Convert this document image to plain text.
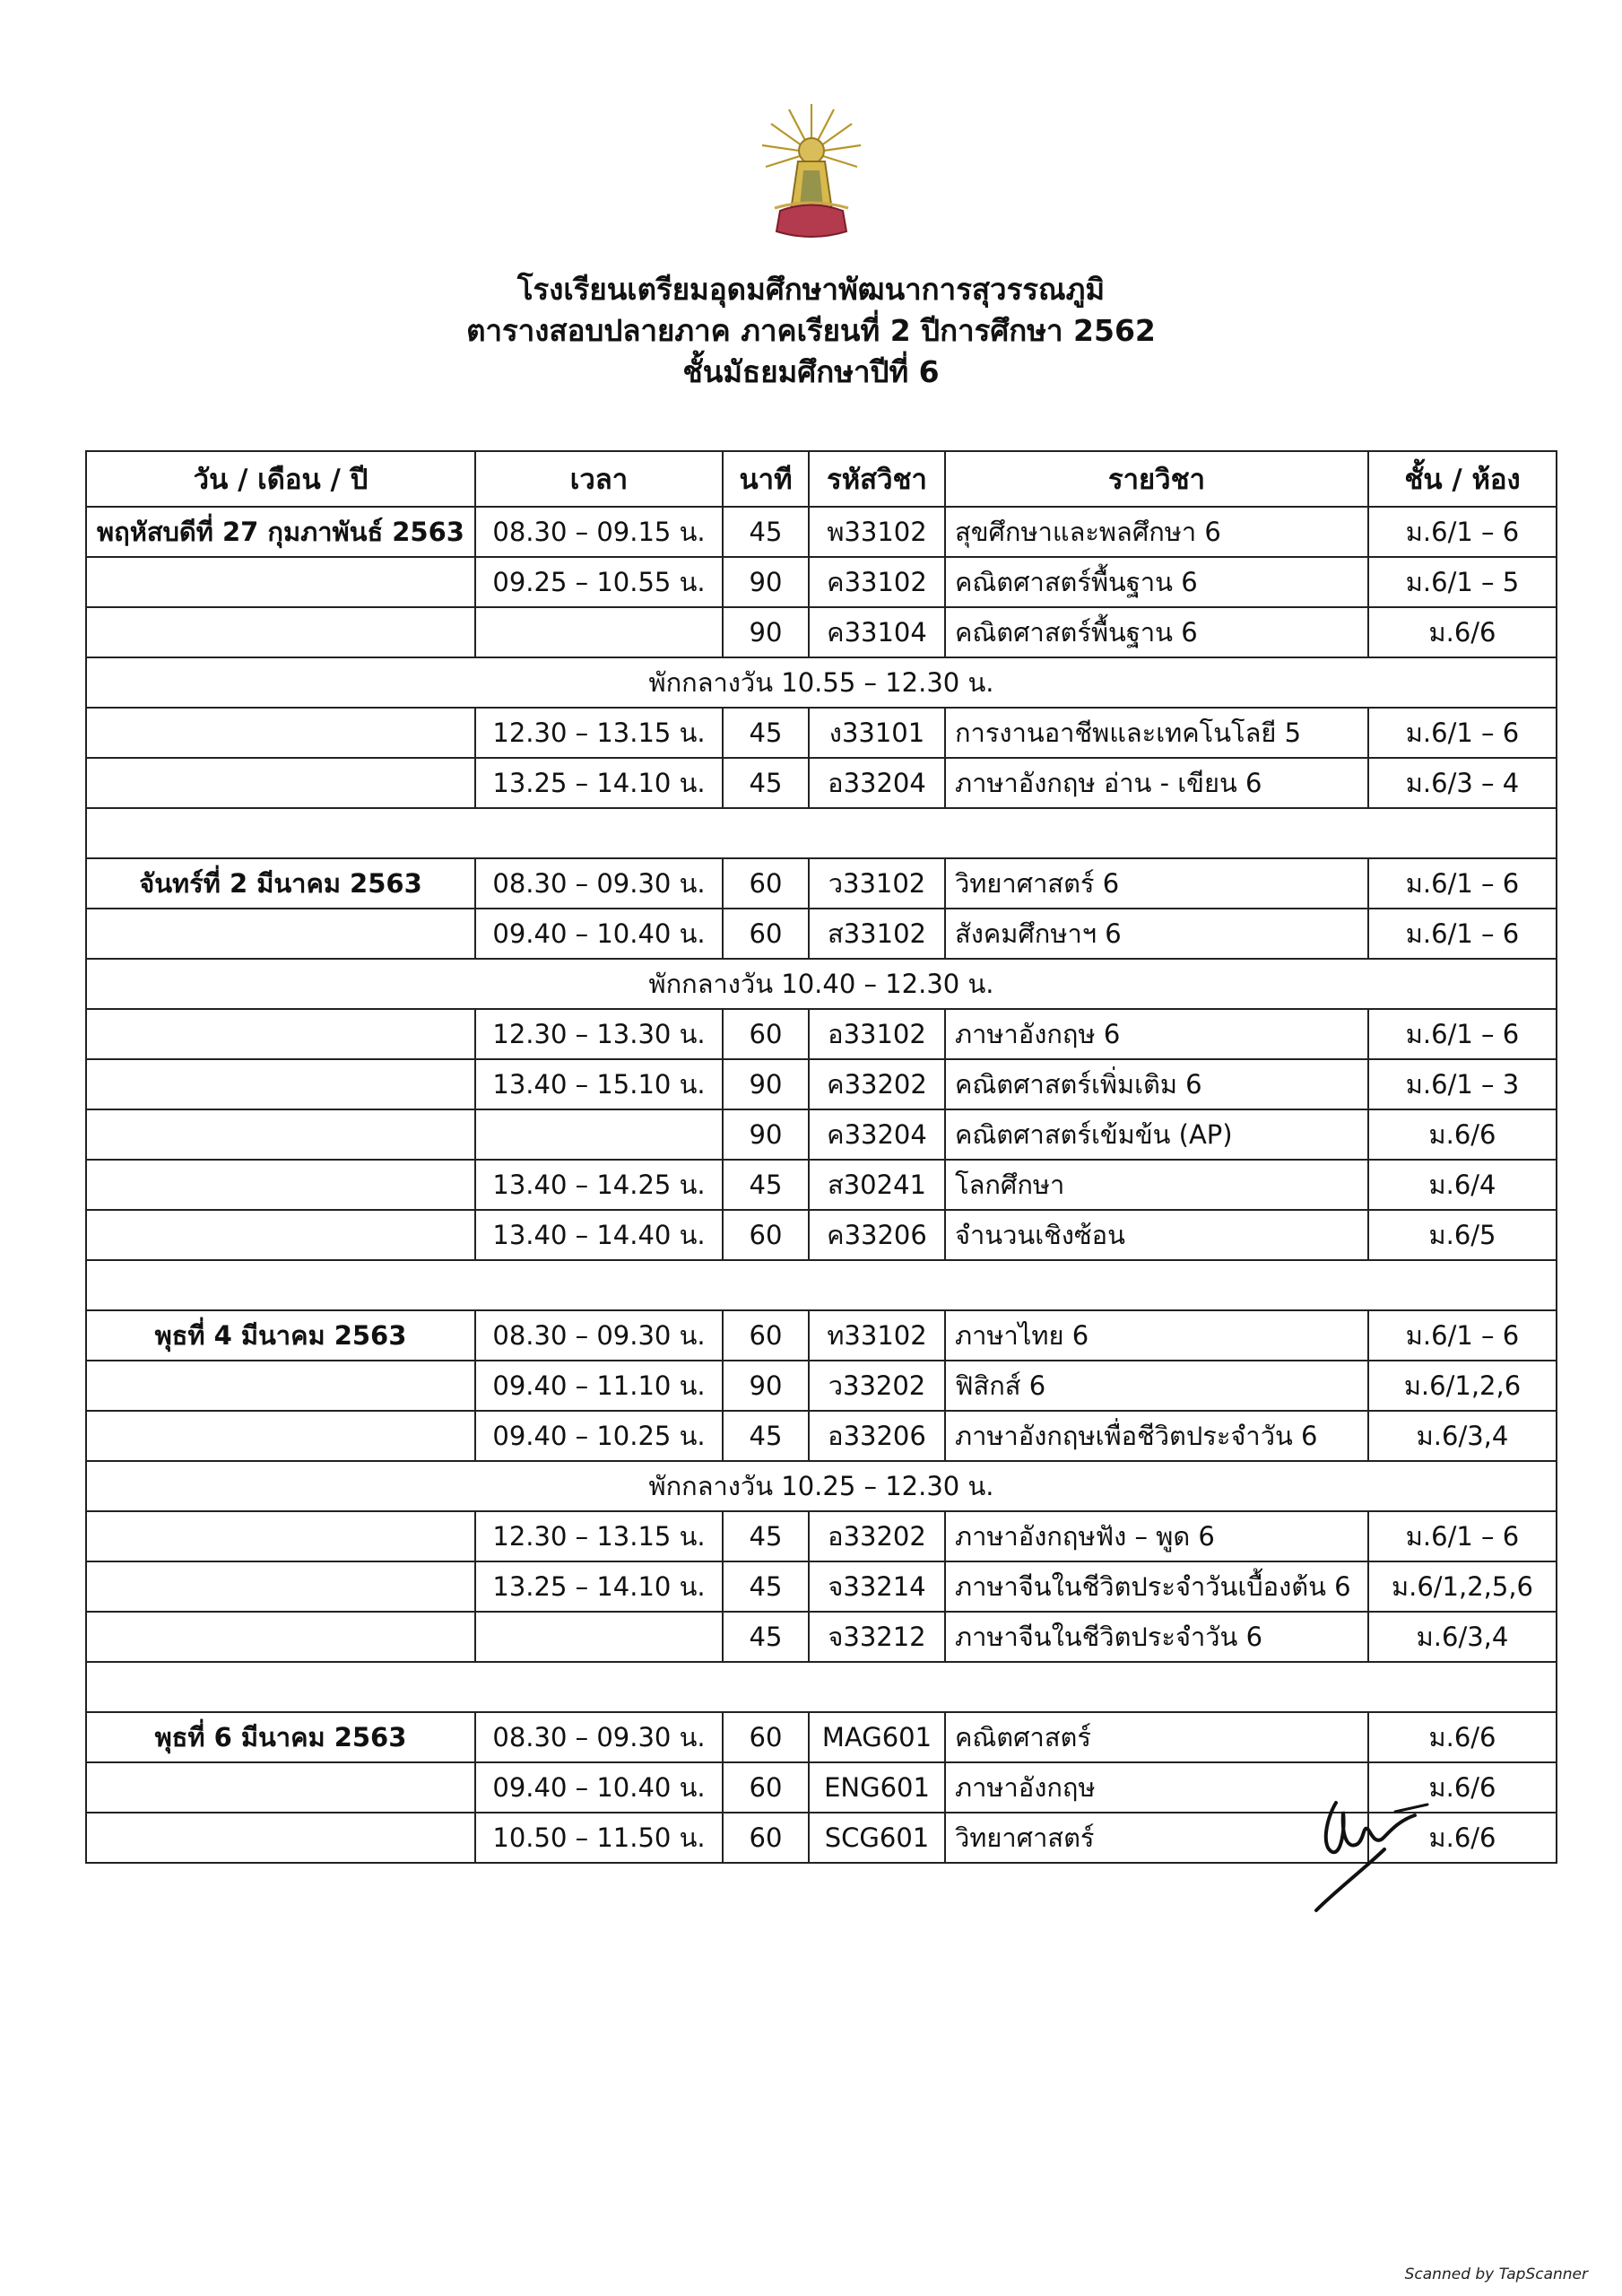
โรงเรียนเตรียมอุดมศึกษาพัฒนาการสุวรรณภูมิ

ตารางสอบปลายภาค ภาคเรียนที่ 2 ปีการศึกษา 2562

ชั้นมัธยมศึกษาปีที่ 6

วัน / เดือน / ปี	เวลา	นาที	รหัสวิชา	รายวิชา	ชั้น / ห้อง
พฤหัสบดีที่ 27 กุมภาพันธ์ 2563	08.30 – 09.15 น.	45	พ33102	สุขศึกษาและพลศึกษา 6	ม.6/1 – 6
	09.25 – 10.55 น.	90	ค33102	คณิตศาสตร์พื้นฐาน 6	ม.6/1 – 5
		90	ค33104	คณิตศาสตร์พื้นฐาน 6	ม.6/6
พักกลางวัน 10.55 – 12.30 น.					
	12.30 – 13.15 น.	45	ง33101	การงานอาชีพและเทคโนโลยี 5	ม.6/1 – 6
	13.25 – 14.10 น.	45	อ33204	ภาษาอังกฤษ อ่าน - เขียน 6	ม.6/3 – 4

จันทร์ที่ 2 มีนาคม 2563	08.30 – 09.30 น.	60	ว33102	วิทยาศาสตร์ 6	ม.6/1 – 6
	09.40 – 10.40 น.	60	ส33102	สังคมศึกษาฯ 6	ม.6/1 – 6
พักกลางวัน 10.40 – 12.30 น.					
	12.30 – 13.30 น.	60	อ33102	ภาษาอังกฤษ 6	ม.6/1 – 6
	13.40 – 15.10 น.	90	ค33202	คณิตศาสตร์เพิ่มเติม 6	ม.6/1 – 3
		90	ค33204	คณิตศาสตร์เข้มข้น (AP)	ม.6/6
	13.40 – 14.25 น.	45	ส30241	โลกศึกษา	ม.6/4
	13.40 – 14.40 น.	60	ค33206	จำนวนเชิงซ้อน	ม.6/5

พุธที่ 4 มีนาคม 2563	08.30 – 09.30 น.	60	ท33102	ภาษาไทย 6	ม.6/1 – 6
	09.40 – 11.10 น.	90	ว33202	ฟิสิกส์ 6	ม.6/1,2,6
	09.40 – 10.25 น.	45	อ33206	ภาษาอังกฤษเพื่อชีวิตประจำวัน 6	ม.6/3,4
พักกลางวัน 10.25 – 12.30 น.					
	12.30 – 13.15 น.	45	อ33202	ภาษาอังกฤษฟัง – พูด 6	ม.6/1 – 6
	13.25 – 14.10 น.	45	จ33214	ภาษาจีนในชีวิตประจำวันเบื้องต้น 6	ม.6/1,2,5,6
		45	จ33212	ภาษาจีนในชีวิตประจำวัน 6	ม.6/3,4

พุธที่ 6 มีนาคม 2563	08.30 – 09.30 น.	60	MAG601	คณิตศาสตร์	ม.6/6
	09.40 – 10.40 น.	60	ENG601	ภาษาอังกฤษ	ม.6/6
	10.50 – 11.50 น.	60	SCG601	วิทยาศาสตร์	ม.6/6
Scanned by TapScanner
